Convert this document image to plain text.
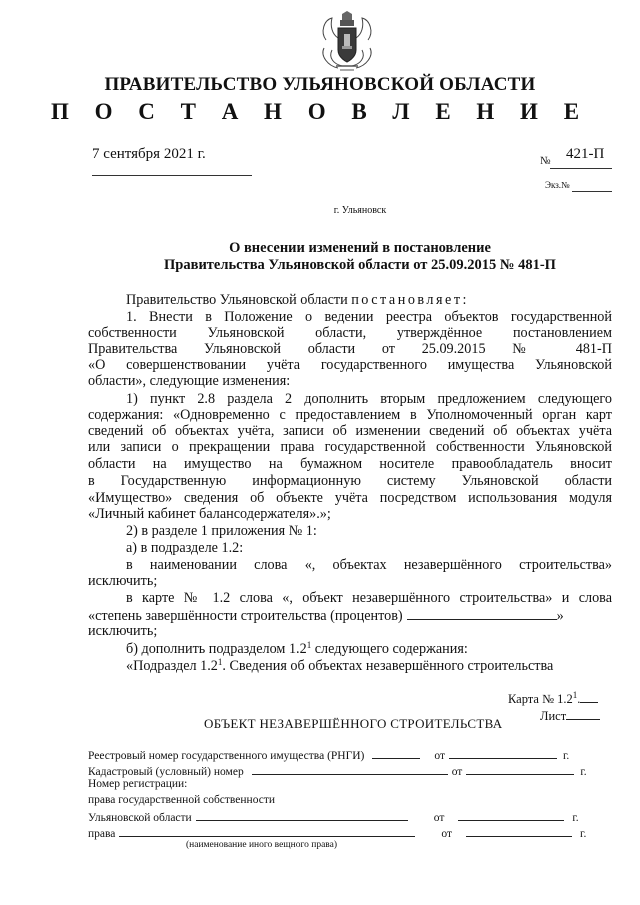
ПРАВИТЕЛЬСТВО УЛЬЯНОВСКОЙ ОБЛАСТИ
П О С Т А Н О В Л Е Н И Е
7 сентября 2021 г.	№ 421-П
Экз.№
г. Ульяновск
О внесении изменений в постановление
Правительства Ульяновской области от 25.09.2015 № 481-П
Правительство Ульяновской области постановляет:
1. Внести в Положение о ведении реестра объектов государственной
собственности Ульяновской области, утверждённое постановлением
Правительства Ульяновской области от 25.09.2015 № 481-П
«О совершенствовании учёта государственного имущества Ульяновской
области», следующие изменения:
1) пункт 2.8 раздела 2 дополнить вторым предложением следующего
содержания: «Одновременно с предоставлением в Уполномоченный орган карт
сведений об объектах учёта, записи об изменении сведений об объектах учёта
или записи о прекращении права государственной собственности Ульяновской
области на имущество на бумажном носителе правообладатель вносит
в Государственную информационную систему Ульяновской области
«Имущество» сведения об объекте учёта посредством использования модуля
«Личный кабинет балансодержателя».»;
2) в разделе 1 приложения № 1:
а) в подразделе 1.2:
в наименовании слова «, объектах незавершённого строительства»
исключить;
в карте № 1.2 слова «, объект незавершённого строительства» и слова
«степень завершённости строительства (процентов)	»
исключить;
б) дополнить подразделом $1.2^1$ следующего содержания:
«Подраздел $1.2^1$. Сведения об объектах незавершённого строительства
Карта № $1.2^1$.
Лист
ОБЪЕКТ НЕЗАВЕРШЁННОГО СТРОИТЕЛЬСТВА
Реестровый номер государственного имущества (РНГИ)	от	г.
Кадастровый (условный) номер	от	г.
Номер регистрации:
права государственной собственности
Ульяновской области	от	г.
права	от	г.
(наименование иного вещного права)
